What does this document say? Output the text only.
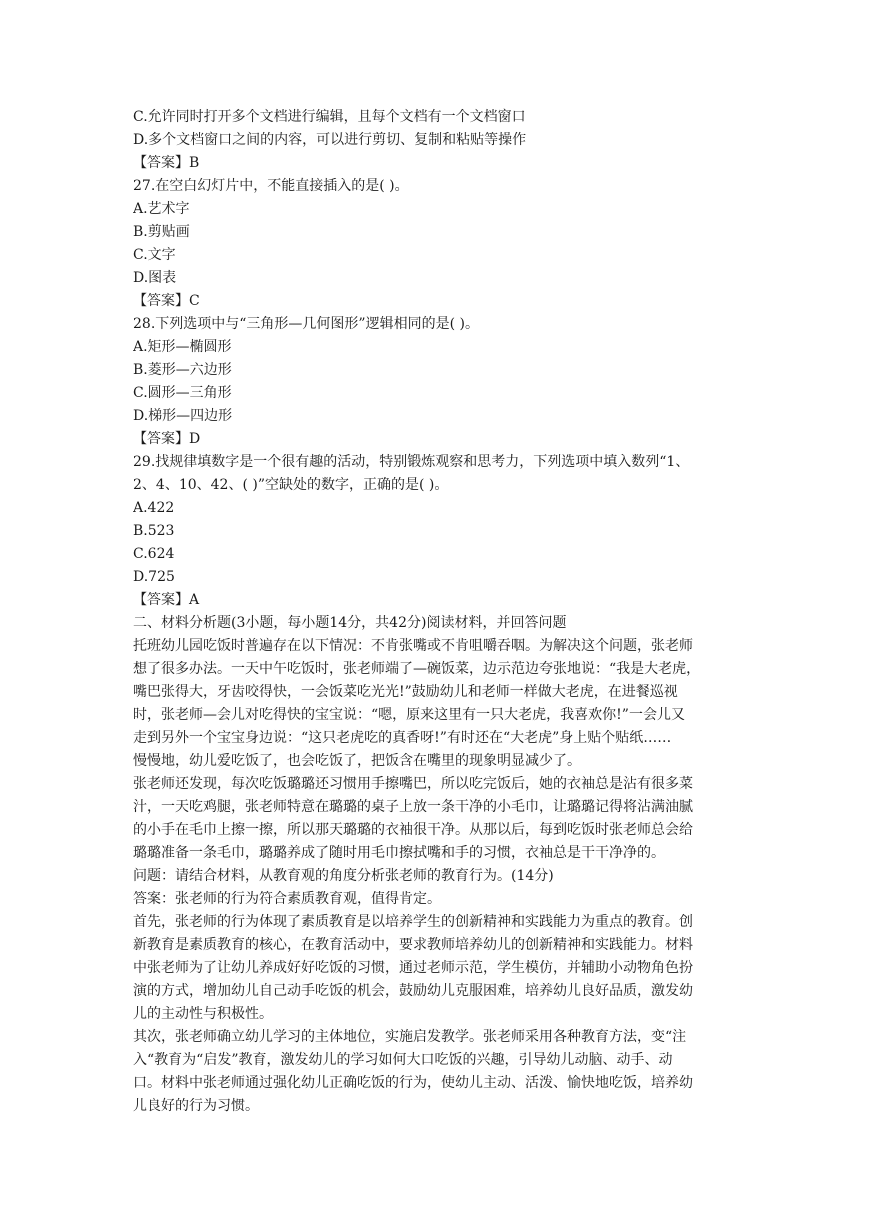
C.允许同时打开多个文档进行编辑，且每个文档有一个文档窗口
D.多个文档窗口之间的内容，可以进行剪切、复制和粘贴等操作
【答案】B
27.在空白幻灯片中，不能直接插入的是( )。
A.艺术字
B.剪贴画
C.文字
D.图表
【答案】C
28.下列选项中与“三角形—几何图形”逻辑相同的是( )。
A.矩形—椭圆形
B.菱形—六边形
C.圆形—三角形
D.梯形—四边形
【答案】D
29.找规律填数字是一个很有趣的活动，特别锻炼观察和思考力，下列选项中填入数列“1、
2、4、10、42、( )”空缺处的数字，正确的是( )。
A.422
B.523
C.624
D.725
【答案】A
二、材料分析题(3小题，每小题14分，共42分)阅读材料，并回答问题
托班幼儿园吃饭时普遍存在以下情况：不肯张嘴或不肯咀嚼吞咽。为解决这个问题，张老师
想了很多办法。一天中午吃饭时，张老师端了—碗饭菜，边示范边夸张地说：“我是大老虎，
嘴巴张得大，牙齿咬得快，一会饭菜吃光光!”鼓励幼儿和老师一样做大老虎，在进餐巡视
时，张老师—会儿对吃得快的宝宝说：“嗯，原来这里有一只大老虎，我喜欢你!”一会儿又
走到另外一个宝宝身边说：“这只老虎吃的真香呀!”有时还在“大老虎”身上贴个贴纸……
慢慢地，幼儿爱吃饭了，也会吃饭了，把饭含在嘴里的现象明显减少了。
张老师还发现，每次吃饭璐璐还习惯用手擦嘴巴，所以吃完饭后，她的衣袖总是沾有很多菜
汁，一天吃鸡腿，张老师特意在璐璐的桌子上放一条干净的小毛巾，让璐璐记得将沾满油腻
的小手在毛巾上擦一擦，所以那天璐璐的衣袖很干净。从那以后，每到吃饭时张老师总会给
璐璐准备一条毛巾，璐璐养成了随时用毛巾擦拭嘴和手的习惯，衣袖总是干干净净的。
问题：请结合材料，从教育观的角度分析张老师的教育行为。(14分)
答案：张老师的行为符合素质教育观，值得肯定。
首先，张老师的行为体现了素质教育是以培养学生的创新精神和实践能力为重点的教育。创
新教育是素质教育的核心，在教育活动中，要求教师培养幼儿的创新精神和实践能力。材料
中张老师为了让幼儿养成好好吃饭的习惯，通过老师示范，学生模仿，并辅助小动物角色扮
演的方式，增加幼儿自己动手吃饭的机会，鼓励幼儿克服困难，培养幼儿良好品质，激发幼
儿的主动性与积极性。
其次，张老师确立幼儿学习的主体地位，实施启发教学。张老师采用各种教育方法，变“注
入“教育为“启发”教育，激发幼儿的学习如何大口吃饭的兴趣，引导幼儿动脑、动手、动
口。材料中张老师通过强化幼儿正确吃饭的行为，使幼儿主动、活泼、愉快地吃饭，培养幼
儿良好的行为习惯。
